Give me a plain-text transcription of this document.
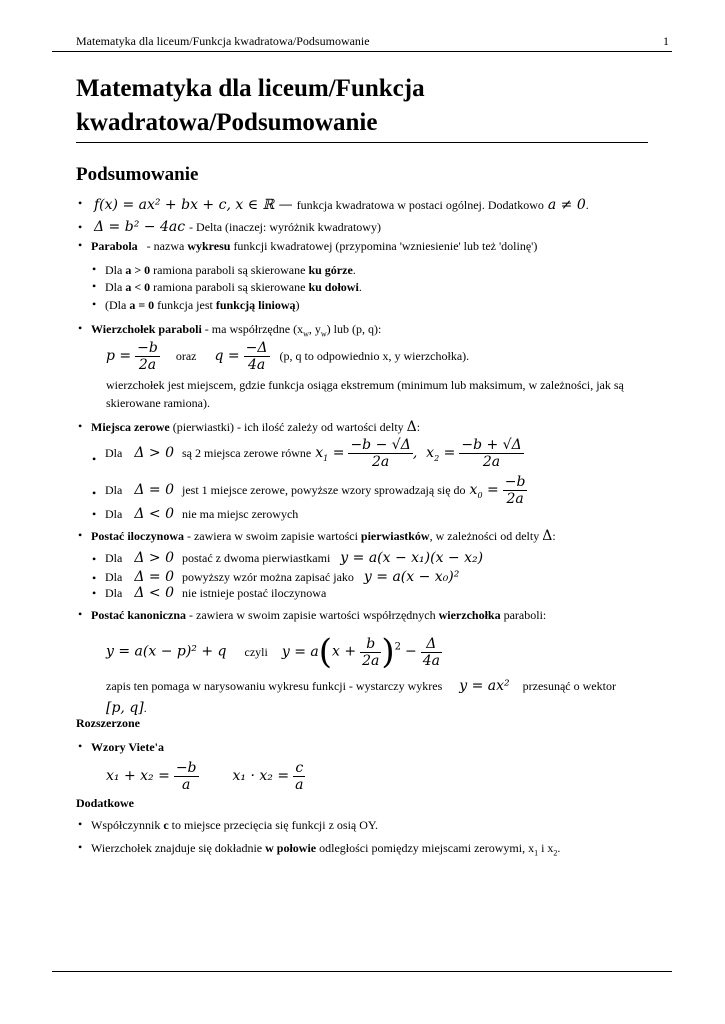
Matematyka dla liceum/Funkcja kwadratowa/Podsumowanie	1
Matematyka dla liceum/Funkcja
kwadratowa/Podsumowanie
Podsumowanie
• f(x) = ax² + bx + c, x ∈ ℝ — funkcja kwadratowa w postaci ogólnej. Dodatkowo a ≠ 0.
• Δ = b² − 4ac - Delta (inaczej: wyróżnik kwadratowy)
• Parabola - nazwa wykresu funkcji kwadratowej (przypomina 'wzniesienie' lub też 'dolinę')
• Dla a > 0 ramiona paraboli są skierowane ku górze.
• Dla a < 0 ramiona paraboli są skierowane ku dołowi.
• (Dla a = 0 funkcja jest funkcją liniową)
• Wierzchołek paraboli - ma współrzędne ($x_w$, $y_w$) lub (p, q):
$p = \frac{-b}{2a}$ oraz $q = \frac{-\Delta}{4a} (p$, q to odpowiednio x, y wierzchołka).
wierzchołek jest miejscem, gdzie funkcja osiąga ekstremum (minimum lub maksimum, w zależności, jak są
skierowane ramiona).
• Miejsca zerowe (pierwiastki) - ich ilość zależy od wartości delty Δ:
• Dla Δ > 0 są 2 miejsca zerowe równe $x_1 = \frac{-b - √\Delta}{2a}$ ,  $x_2 = \frac{-b + √\Delta}{2a}$
• Dla Δ = 0 jest 1 miejsce zerowe, powyższe wzory sprowadzają się do $x_0 = \frac{-b}{2a}$
• Dla Δ < 0 nie ma miejsc zerowych
• Postać iloczynowa - zawiera w swoim zapisie wartości pierwiastków, w zależności od delty Δ:
• Dla Δ > 0 postać z dwoma pierwiastkami y = a(x − x₁)(x − x₂)
• Dla Δ = 0 powyższy wzór można zapisać jako y = a(x − x₀)²
• Dla Δ < 0 nie istnieje postać iloczynowa
• Postać kanoniczna - zawiera w swoim zapisie wartości współrzędnych wierzchołka paraboli:
y = a(x − p)² + q czyli $y = a(x + \frac{b}{2a} )^2 - \frac{\Delta}{4a}$
zapis ten pomaga w narysowaniu wykresu funkcji - wystarczy wykres y = ax² przesunąć o wektor
[p, q].
Rozszerzone
• Wzory Viete'a
$x_1 + x_2 = \frac{-b}{a} x_1 \cdot x_2 = \frac{c}{a}$
Dodatkowe
• Współczynnik c to miejsce przecięcia się funkcji z osią OY.
• Wierzchołek znajduje się dokładnie w połowie odległości pomiędzy miejscami zerowymi, $x_1$ i $x_2$.
